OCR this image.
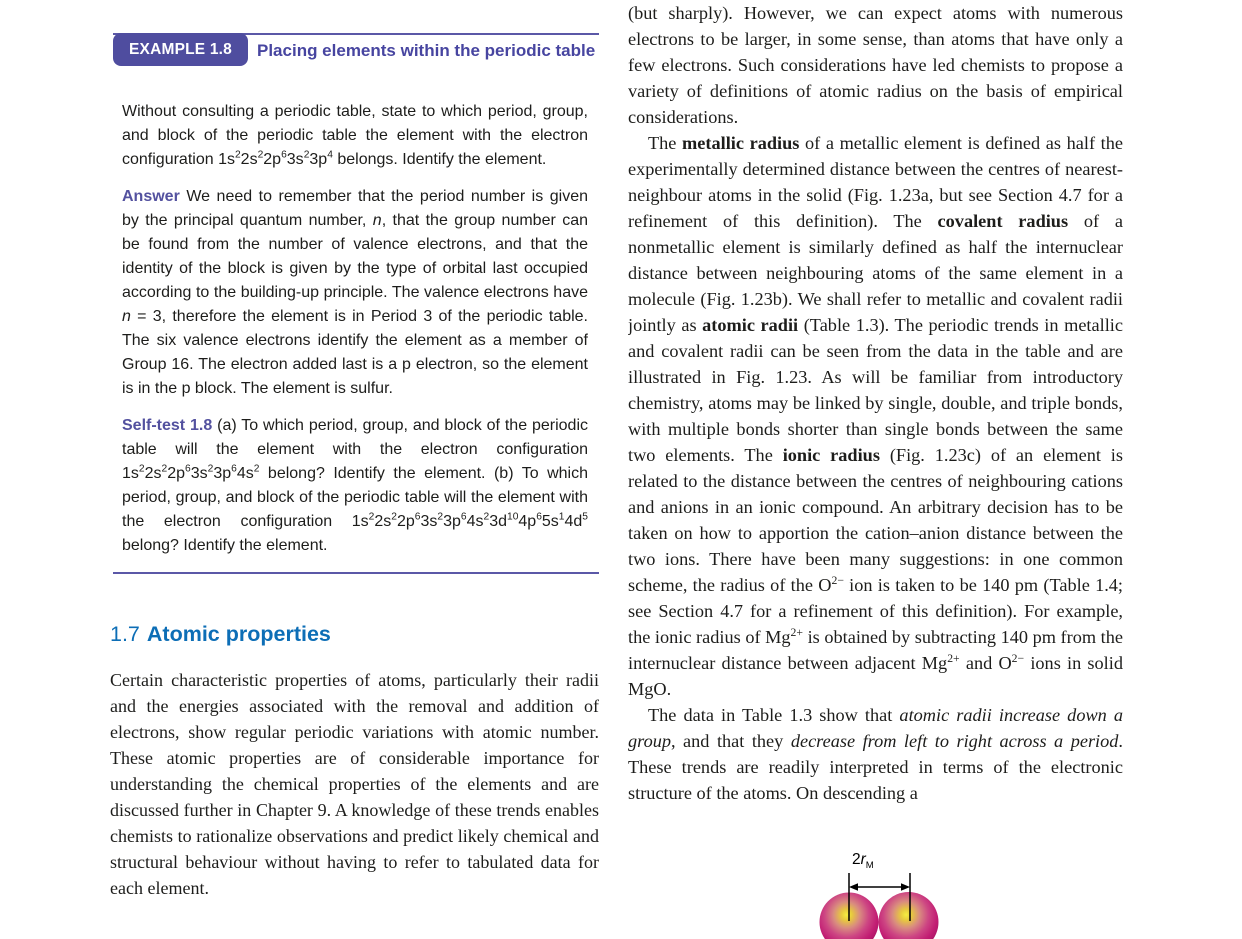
EXAMPLE 1.8	Placing elements within the periodic table

Without consulting a periodic table, state to which period, group, and block of the periodic table the element with the electron configuration $1s^22s^22p^63s^23p^4$ belongs. Identify the element.

Answer We need to remember that the period number is given by the principal quantum number, n, that the group number can be found from the number of valence electrons, and that the identity of the block is given by the type of orbital last occupied according to the building-up principle. The valence electrons have n = 3, therefore the element is in Period 3 of the periodic table. The six valence electrons identify the element as a member of Group 16. The electron added last is a p electron, so the element is in the p block. The element is sulfur.

Self-test 1.8 (a) To which period, group, and block of the periodic table will the element with the electron configuration $1s^22s^22p^63s^23p^64s^2$ belong? Identify the element. (b) To which period, group, and block of the periodic table will the element with the electron configuration $1s^22s^22p^63s^23p^64s^23d^{10}4p^65s^14d^5$ belong? Identify the element.

1.7 Atomic properties

Certain characteristic properties of atoms, particularly their radii and the energies associated with the removal and addition of electrons, show regular periodic variations with atomic number. These atomic properties are of considerable importance for understanding the chemical properties of the elements and are discussed further in Chapter 9. A knowledge of these trends enables chemists to rationalize observations and predict likely chemical and structural behaviour without having to refer to tabulated data for each element.

(but sharply). However, we can expect atoms with numerous electrons to be larger, in some sense, than atoms that have only a few electrons. Such considerations have led chemists to propose a variety of definitions of atomic radius on the basis of empirical considerations.

The metallic radius of a metallic element is defined as half the experimentally determined distance between the centres of nearest-neighbour atoms in the solid (Fig. 1.23a, but see Section 4.7 for a refinement of this definition). The covalent radius of a nonmetallic element is similarly defined as half the internuclear distance between neighbouring atoms of the same element in a molecule (Fig. 1.23b). We shall refer to metallic and covalent radii jointly as atomic radii (Table 1.3). The periodic trends in metallic and covalent radii can be seen from the data in the table and are illustrated in Fig. 1.23. As will be familiar from introductory chemistry, atoms may be linked by single, double, and triple bonds, with multiple bonds shorter than single bonds between the same two elements. The ionic radius (Fig. 1.23c) of an element is related to the distance between the centres of neighbouring cations and anions in an ionic compound. An arbitrary decision has to be taken on how to apportion the cation–anion distance between the two ions. There have been many suggestions: in one common scheme, the radius of the $O^{2-}$ ion is taken to be 140 pm (Table 1.4; see Section 4.7 for a refinement of this definition). For example, the ionic radius of $Mg^{2+}$ is obtained by subtracting 140 pm from the internuclear distance between adjacent $Mg^{2+}$ and $O^{2-}$ ions in solid MgO.

The data in Table 1.3 show that atomic radii increase down a group, and that they decrease from left to right across a period. These trends are readily interpreted in terms of the electronic structure of the atoms. On descending a

$2r_M$
